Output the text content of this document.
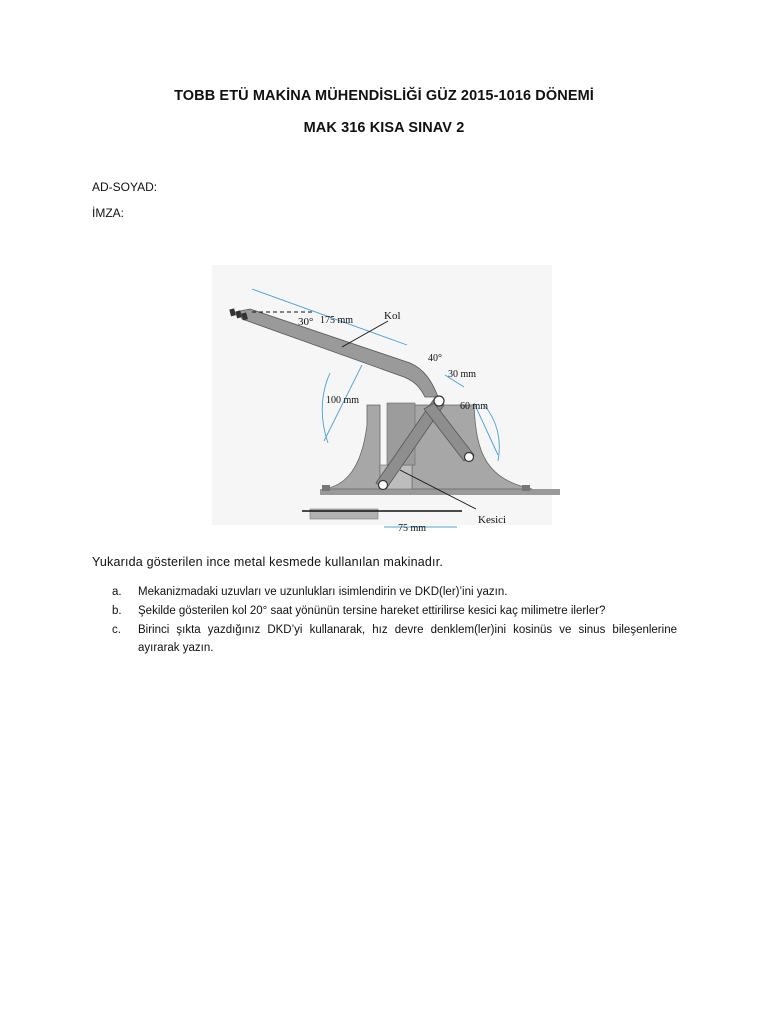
TOBB ETÜ MAKİNA MÜHENDİSLİĞİ GÜZ 2015-1016 DÖNEMİ
MAK 316 KISA SINAV 2
AD-SOYAD:
İMZA:
30° 175 mm	Kol
40°
30 mm
100 mm
60 mm
Kesici
75 mm
Yukarıda gösterilen ince metal kesmede kullanılan makinadır.
a. Mekanizmadaki uzuvları ve uzunlukları isimlendirin ve DKD(ler)’ini yazın.
b. Şekilde gösterilen kol 20° saat yönünün tersine hareket ettirilirse kesici kaç milimetre ilerler?
c. Birinci şıkta yazdığınız DKD’yi kullanarak, hız devre denklem(ler)ini kosinüs ve sinus bileşenlerine ayırarak yazın.
